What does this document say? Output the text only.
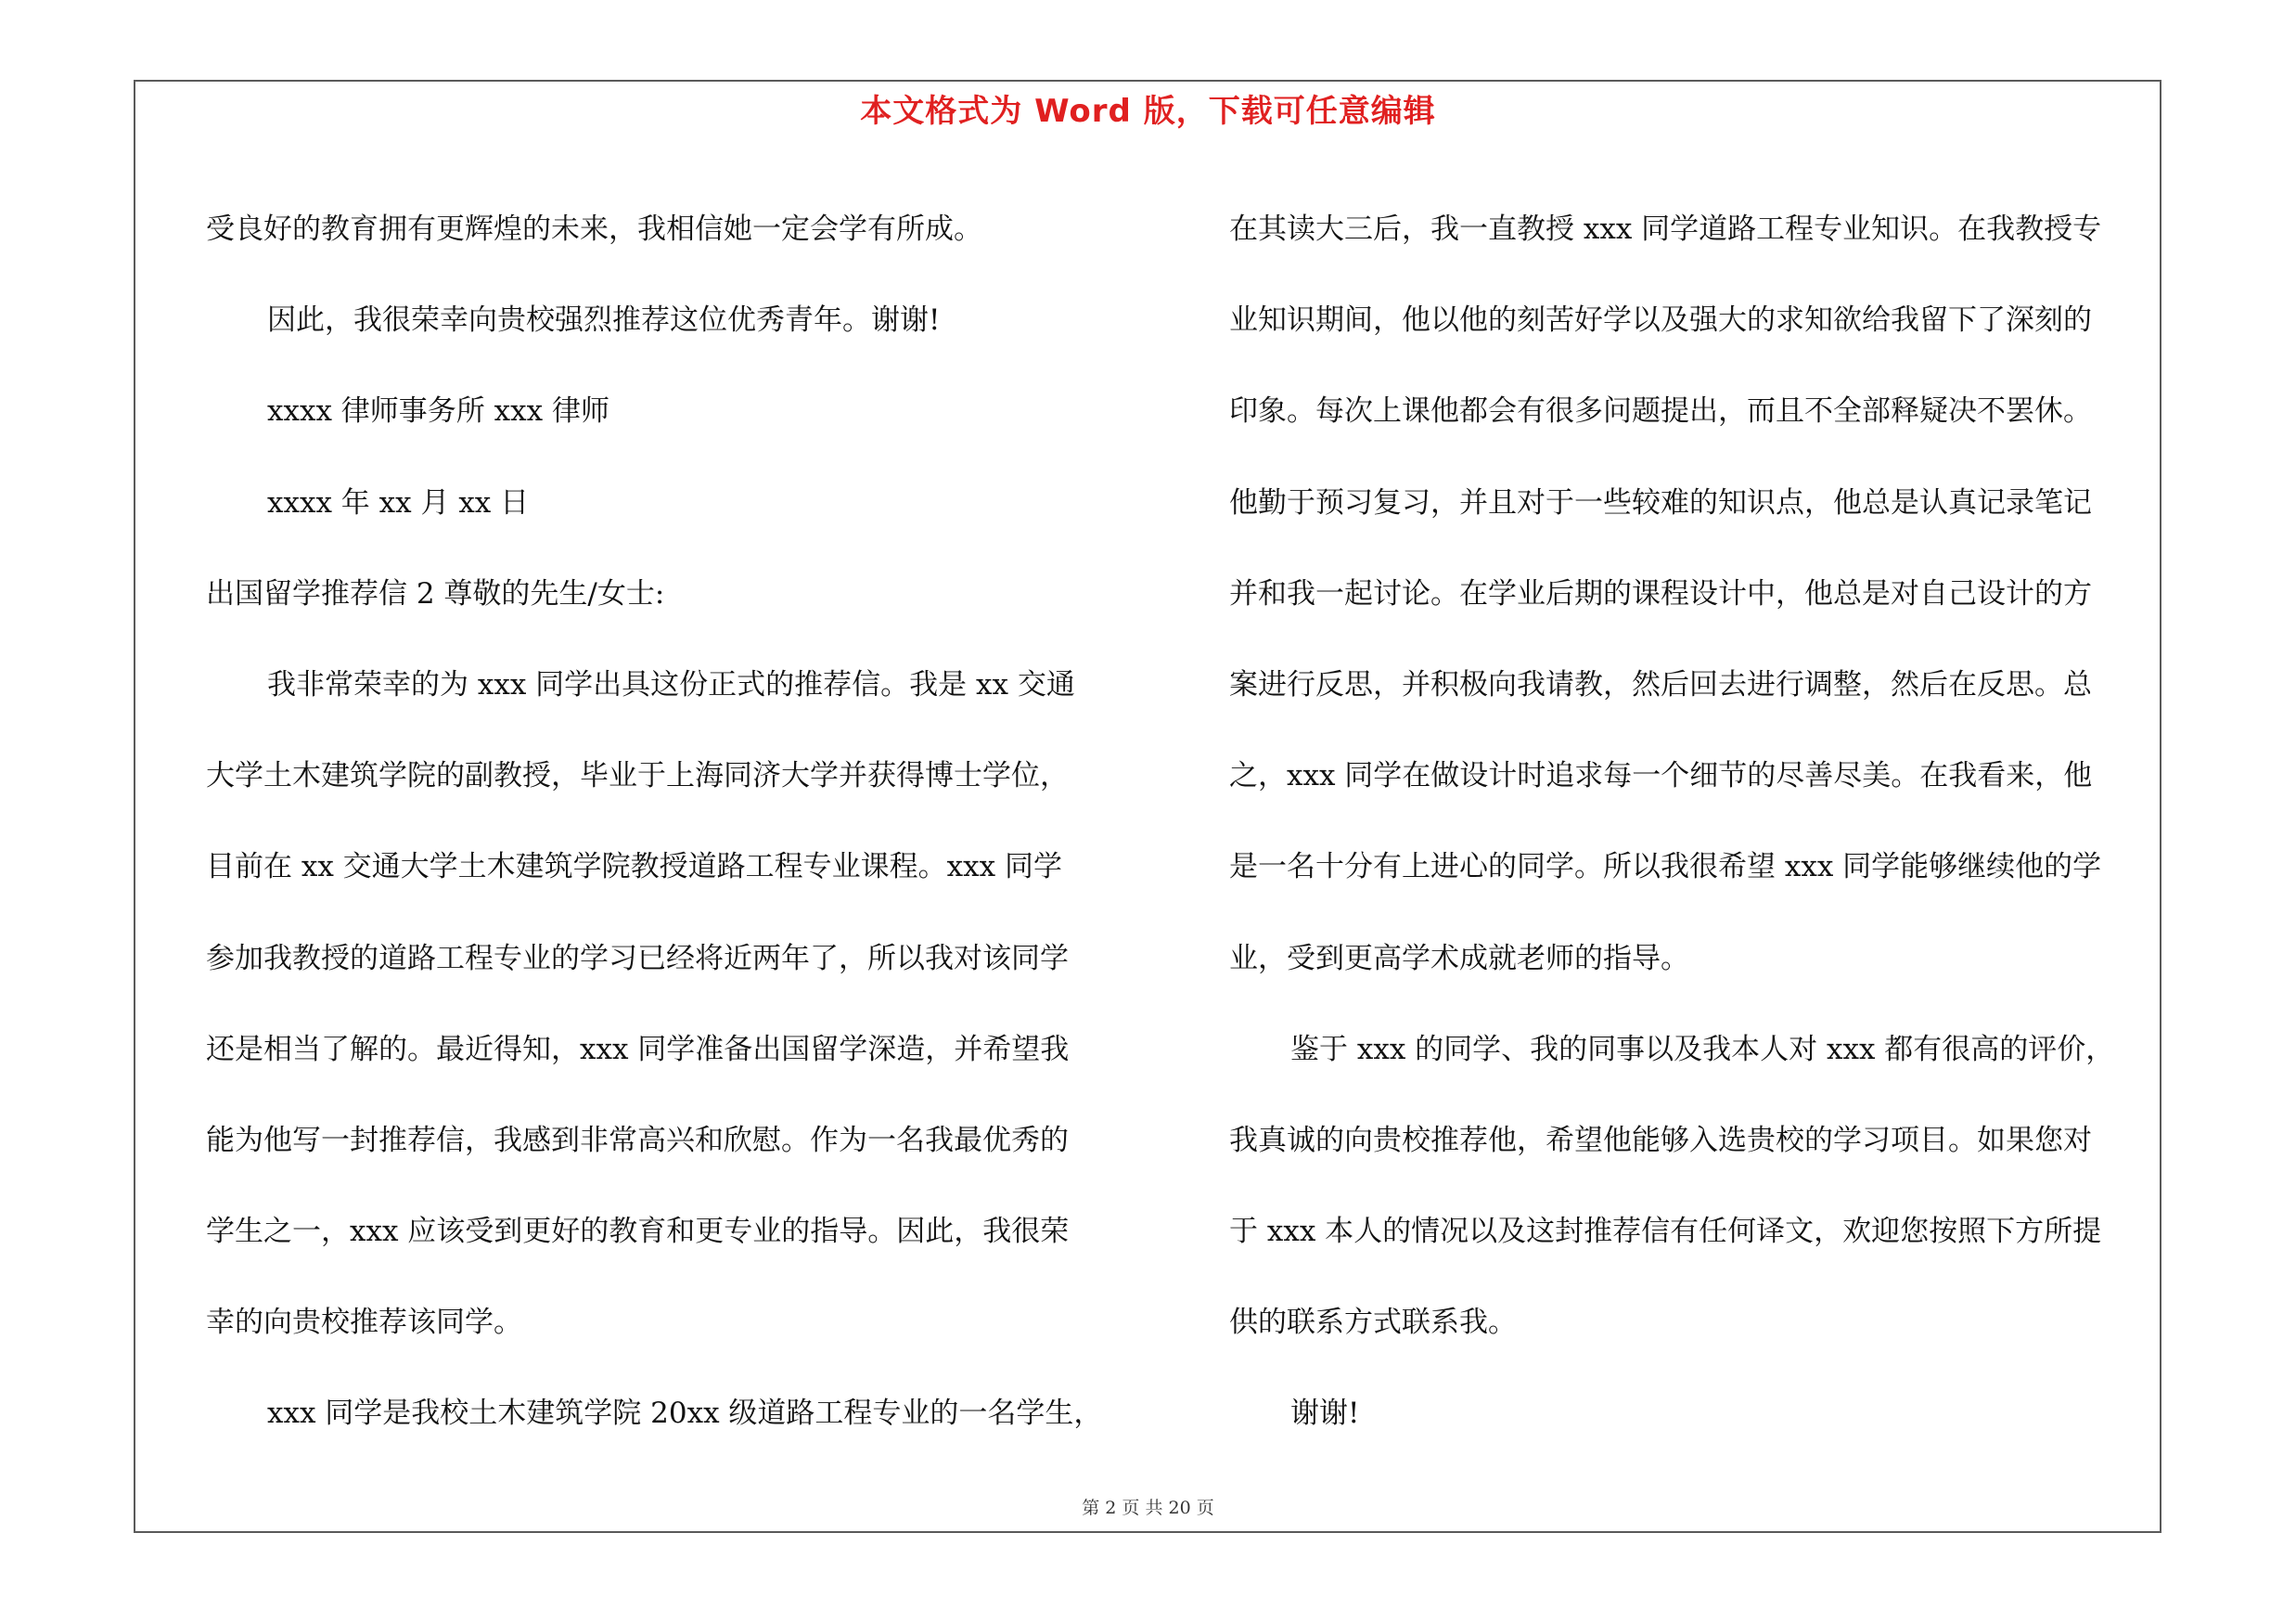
本文格式为 Word 版，下载可任意编辑
受良好的教育拥有更辉煌的未来，我相信她一定会学有所成。
因此，我很荣幸向贵校强烈推荐这位优秀青年。谢谢!
xxxx 律师事务所 xxx 律师
xxxx 年 xx 月 xx 日
出国留学推荐信 2 尊敬的先生/女士:
我非常荣幸的为 xxx 同学出具这份正式的推荐信。我是 xx 交通
大学土木建筑学院的副教授，毕业于上海同济大学并获得博士学位，
目前在 xx 交通大学土木建筑学院教授道路工程专业课程。xxx 同学
参加我教授的道路工程专业的学习已经将近两年了，所以我对该同学
还是相当了解的。最近得知，xxx 同学准备出国留学深造，并希望我
能为他写一封推荐信，我感到非常高兴和欣慰。作为一名我最优秀的
学生之一，xxx 应该受到更好的教育和更专业的指导。因此，我很荣
幸的向贵校推荐该同学。
xxx 同学是我校土木建筑学院 20xx 级道路工程专业的一名学生，
在其读大三后，我一直教授 xxx 同学道路工程专业知识。在我教授专
业知识期间，他以他的刻苦好学以及强大的求知欲给我留下了深刻的
印象。每次上课他都会有很多问题提出，而且不全部释疑决不罢休。
他勤于预习复习，并且对于一些较难的知识点，他总是认真记录笔记
并和我一起讨论。在学业后期的课程设计中，他总是对自己设计的方
案进行反思，并积极向我请教，然后回去进行调整，然后在反思。总
之，xxx 同学在做设计时追求每一个细节的尽善尽美。在我看来，他
是一名十分有上进心的同学。所以我很希望 xxx 同学能够继续他的学
业，受到更高学术成就老师的指导。
鉴于 xxx 的同学、我的同事以及我本人对 xxx 都有很高的评价，
我真诚的向贵校推荐他，希望他能够入选贵校的学习项目。如果您对
于 xxx 本人的情况以及这封推荐信有任何译文，欢迎您按照下方所提
供的联系方式联系我。
谢谢!
第 2 页 共 20 页
